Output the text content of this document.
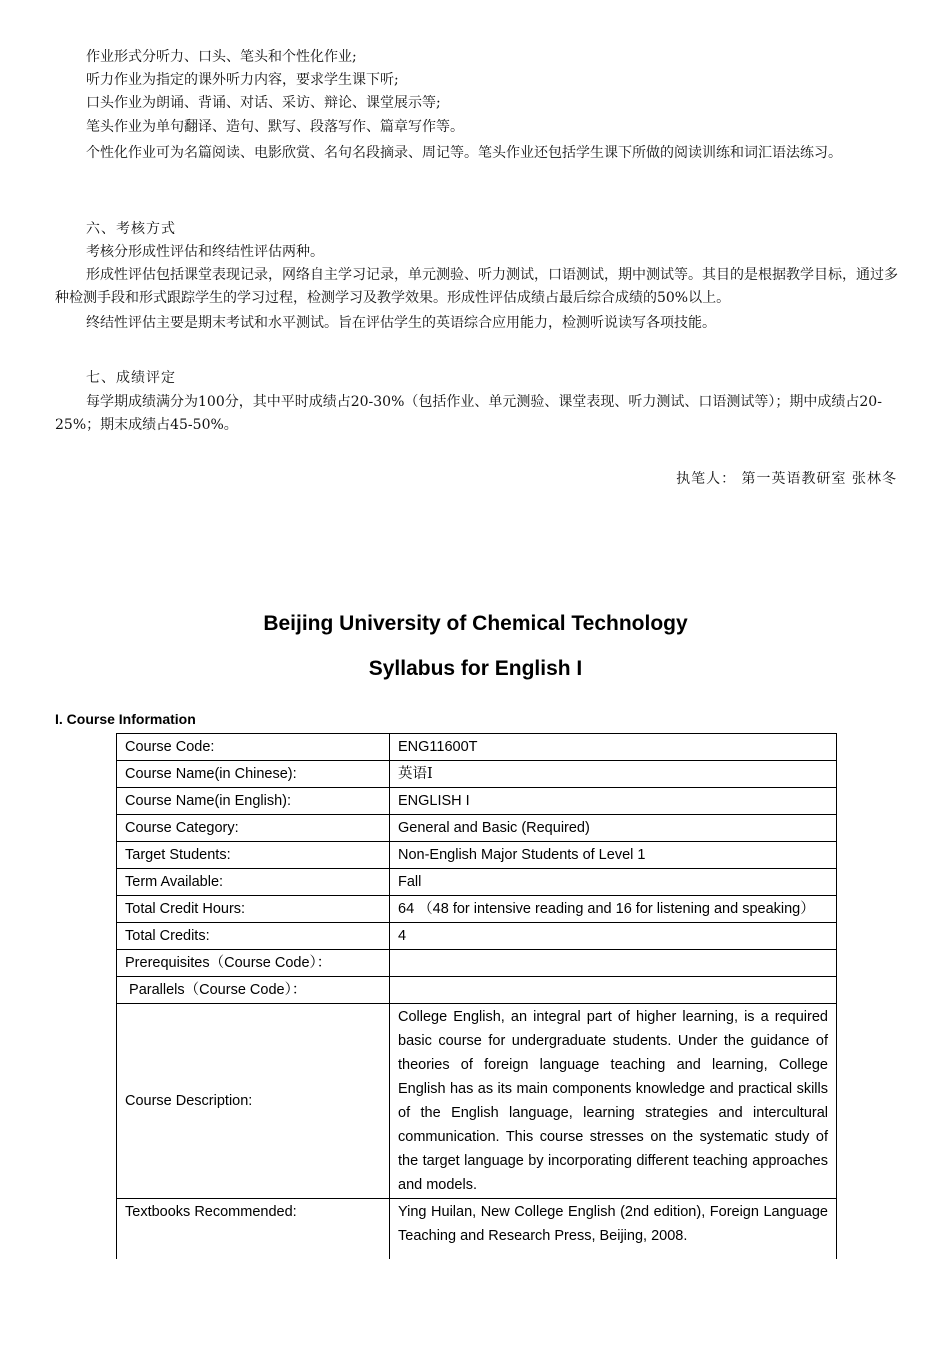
作业形式分听力、口头、笔头和个性化作业;

听力作业为指定的课外听力内容，要求学生课下听;

口头作业为朗诵、背诵、对话、采访、辩论、课堂展示等;

笔头作业为单句翻译、造句、默写、段落写作、篇章写作等。

个性化作业可为名篇阅读、电影欣赏、名句名段摘录、周记等。笔头作业还包括学生课下所做的阅读训练和词汇语法练习。

六、考核方式

考核分形成性评估和终结性评估两种。

形成性评估包括课堂表现记录，网络自主学习记录，单元测验、听力测试，口语测试，期中测试等。其目的是根据教学目标，通过多种检测手段和形式跟踪学生的学习过程，检测学习及教学效果。形成性评估成绩占最后综合成绩的50%以上。

终结性评估主要是期末考试和水平测试。旨在评估学生的英语综合应用能力，检测听说读写各项技能。

七、成绩评定

每学期成绩满分为100分，其中平时成绩占20-30%（包括作业、单元测验、课堂表现、听力测试、口语测试等）；期中成绩占20-25%；期末成绩占45-50%。

执笔人： 第一英语教研室 张林冬
Beijing University of Chemical Technology
Syllabus for English I
I. Course Information
Course Code:	ENG11600T
Course Name(in Chinese):	英语I
Course Name(in English):	ENGLISH I
Course Category:	General and Basic (Required)
Target Students:	Non-English Major Students of Level 1
Term Available:	Fall
Total Credit Hours:	64 （48 for intensive reading and 16 for listening and speaking）
Total Credits:	4
Prerequisites（Course Code）：	
Parallels（Course Code）：	
Course Description:	College English, an integral part of higher learning, is a required basic course for undergraduate students. Under the guidance of theories of foreign language teaching and learning, College English has as its main components knowledge and practical skills of the English language, learning strategies and intercultural communication. This course stresses on the systematic study of the target language by incorporating different teaching approaches and models.
Textbooks Recommended:	Ying Huilan, New College English (2nd edition), Foreign Language Teaching and Research Press, Beijing, 2008.
